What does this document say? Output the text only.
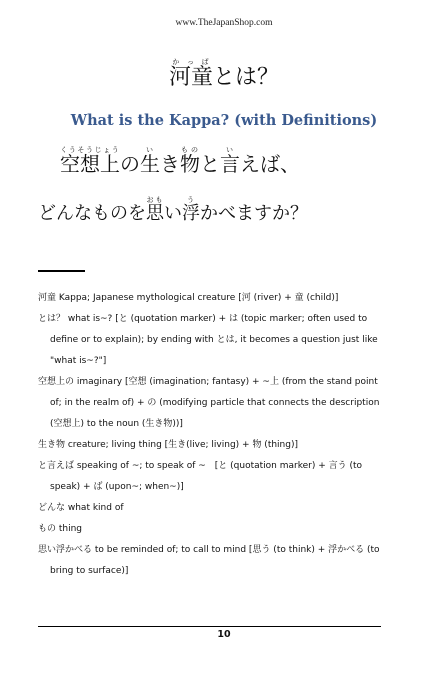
www.TheJapanShop.com
河童かっぱとは？
What is the Kappa? (with Definitions)
空想上くうそうじょうの生いき物ものと言いえば、
どんなものを思おもい浮うかべますか？
河童 Kappa; Japanese mythological creature [河 (river) + 童 (child)]
とは？ what is~? [と (quotation marker) + は (topic marker; often used to define or to explain); by ending with とは, it becomes a question just like "what is~?"]
空想上の imaginary [空想 (imagination; fantasy) + ~上 (from the stand point of; in the realm of) + の (modifying particle that connects the description (空想上) to the noun (生き物))]
生き物 creature; living thing [生き(live; living) + 物 (thing)]
と言えば speaking of ~; to speak of ~　[と (quotation marker) + 言う (to speak) + ば (upon~; when~)]
どんな what kind of
もの thing
思い浮かべる to be reminded of; to call to mind [思う (to think) + 浮かべる (to bring to surface)]
10
